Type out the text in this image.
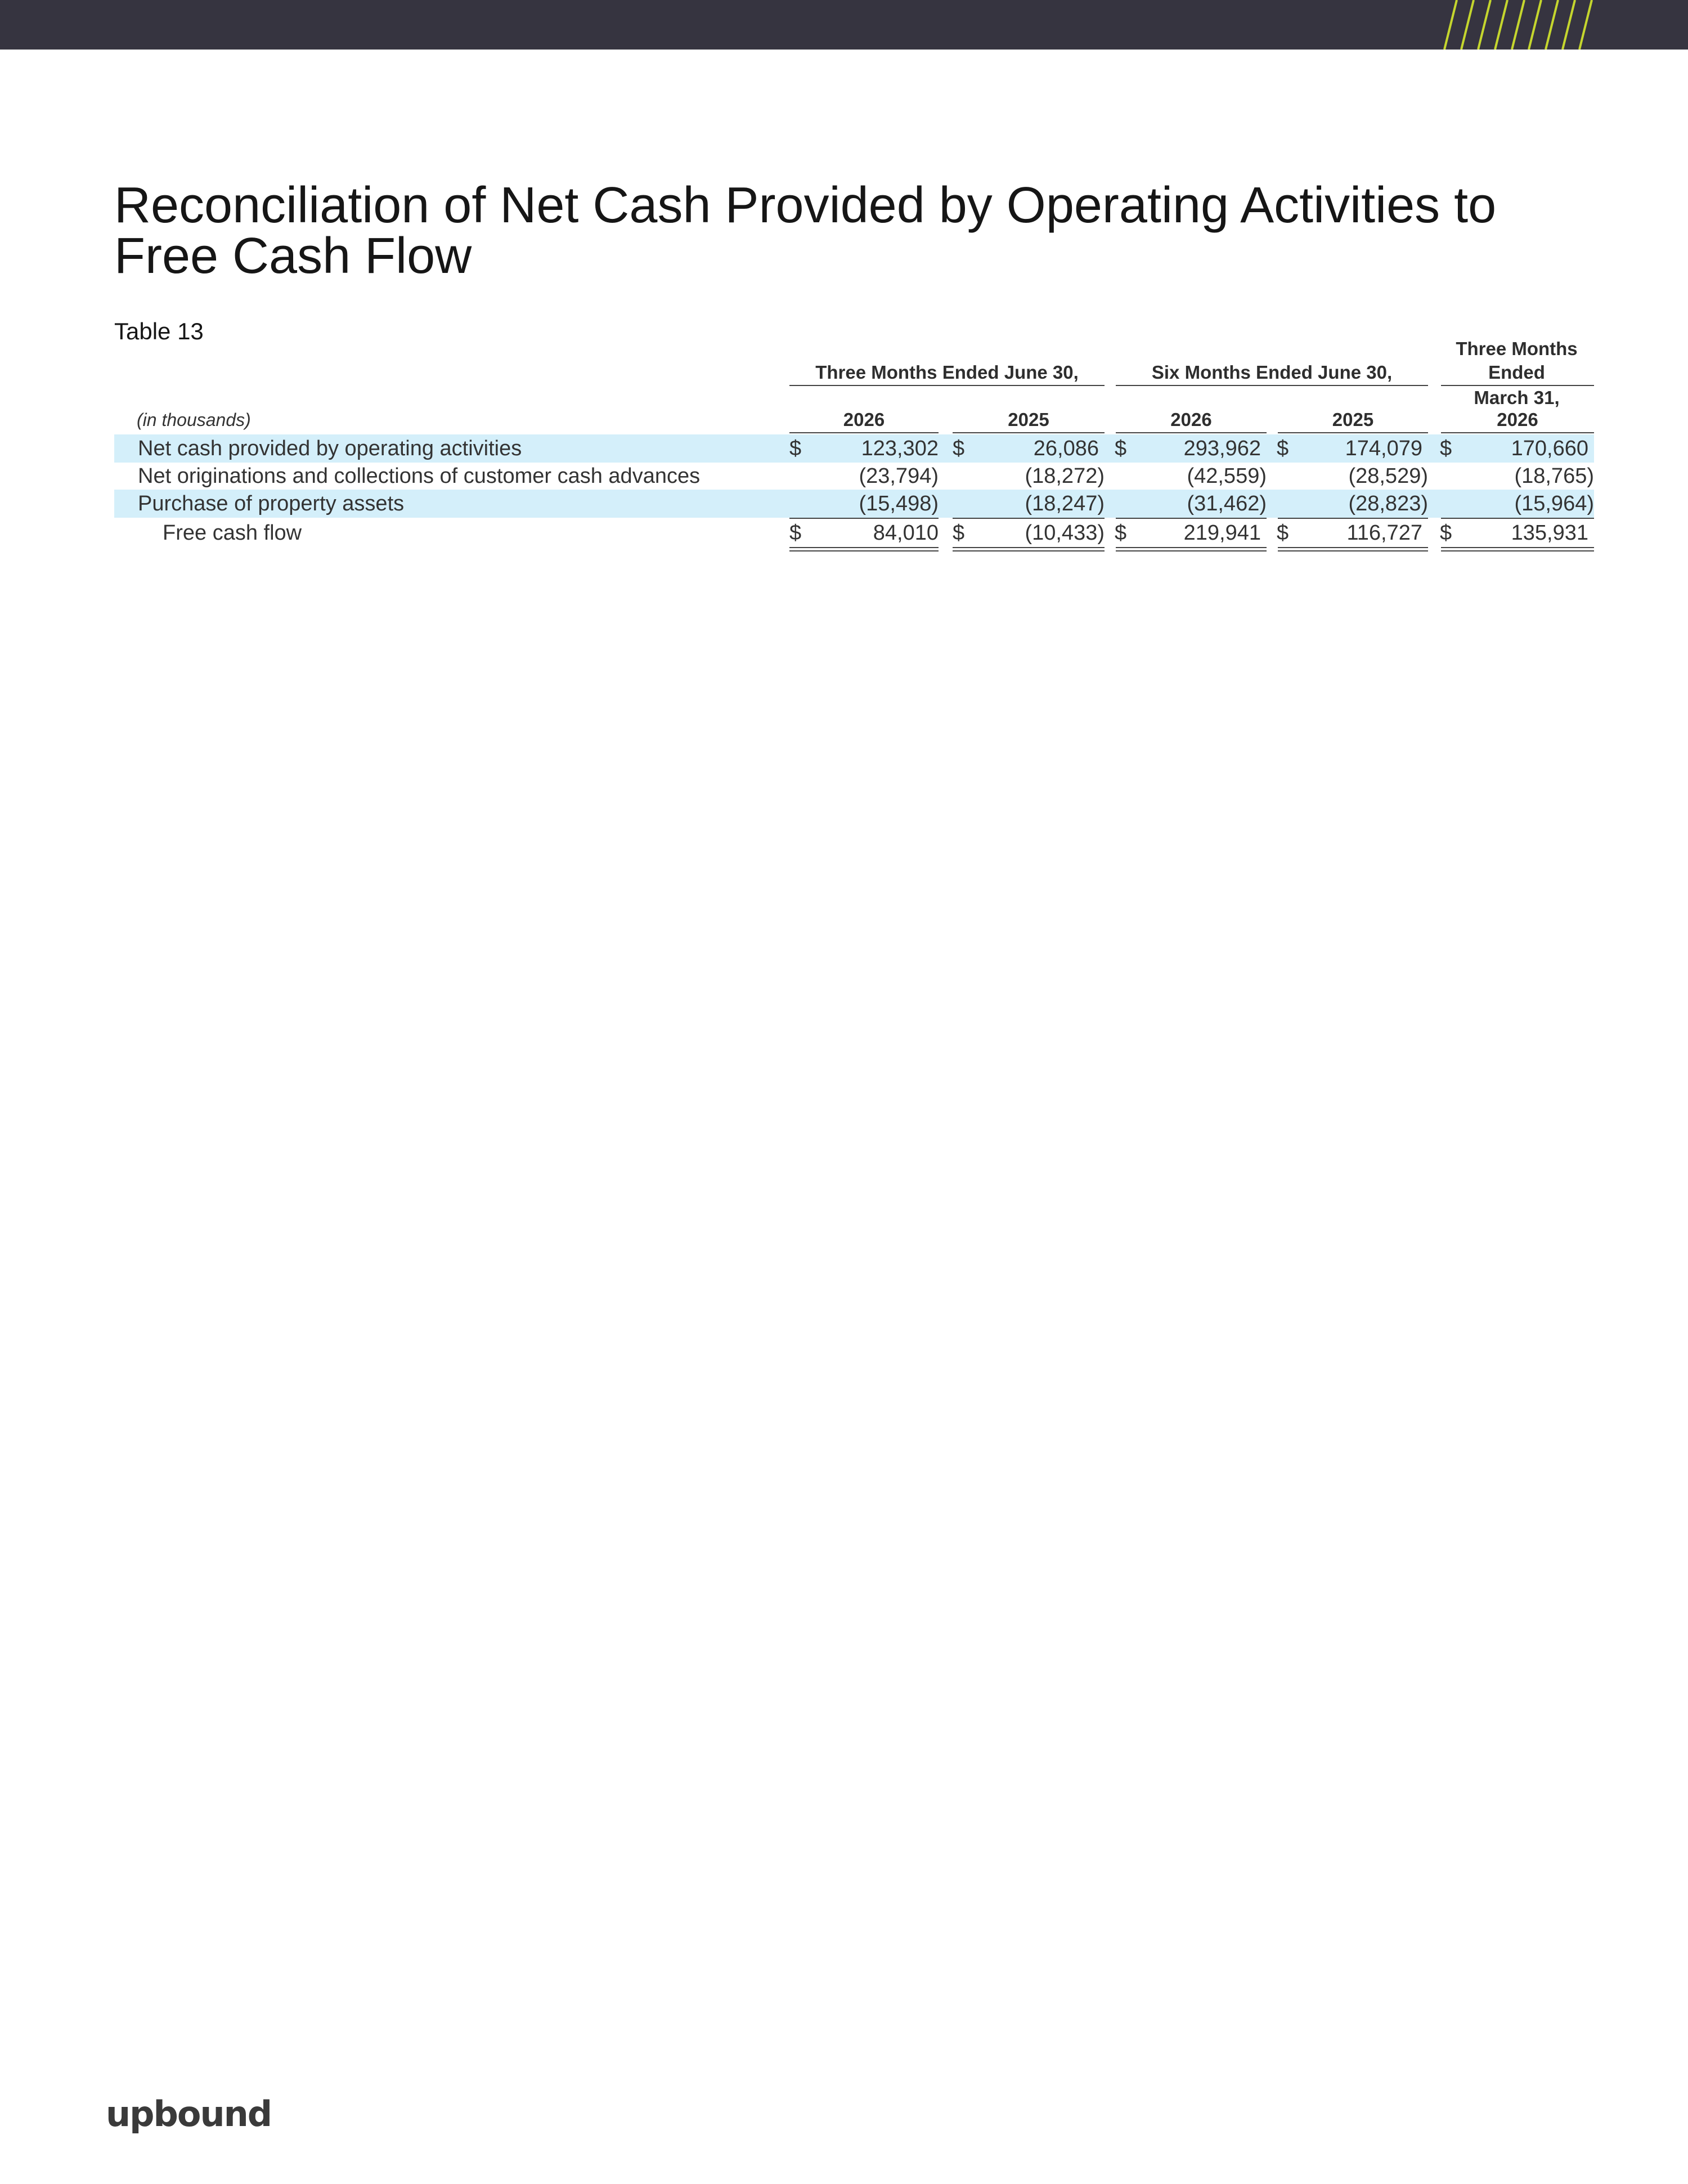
Reconciliation of Net Cash Provided by Operating Activities to Free Cash Flow
Table 13
Three Months Ended June 30,	Six Months Ended June 30,
Three Months
Ended
March 31,
(in thousands)	2026	2025	2026	2025	2026
Net cash provided by operating activities	$	123,302 $	26,086 $	293,962 $	174,079 $	170,660
Net originations and collections of customer cash advances	(23,794)	(18,272)	(42,559)	(28,529)	(18,765)
Purchase of property assets	(15,498)	(18,247)	(31,462)	(28,823)	(15,964)
Free cash flow	$	84,010 $	(10,433) $	219,941 $	116,727 $	135,931
upbound
